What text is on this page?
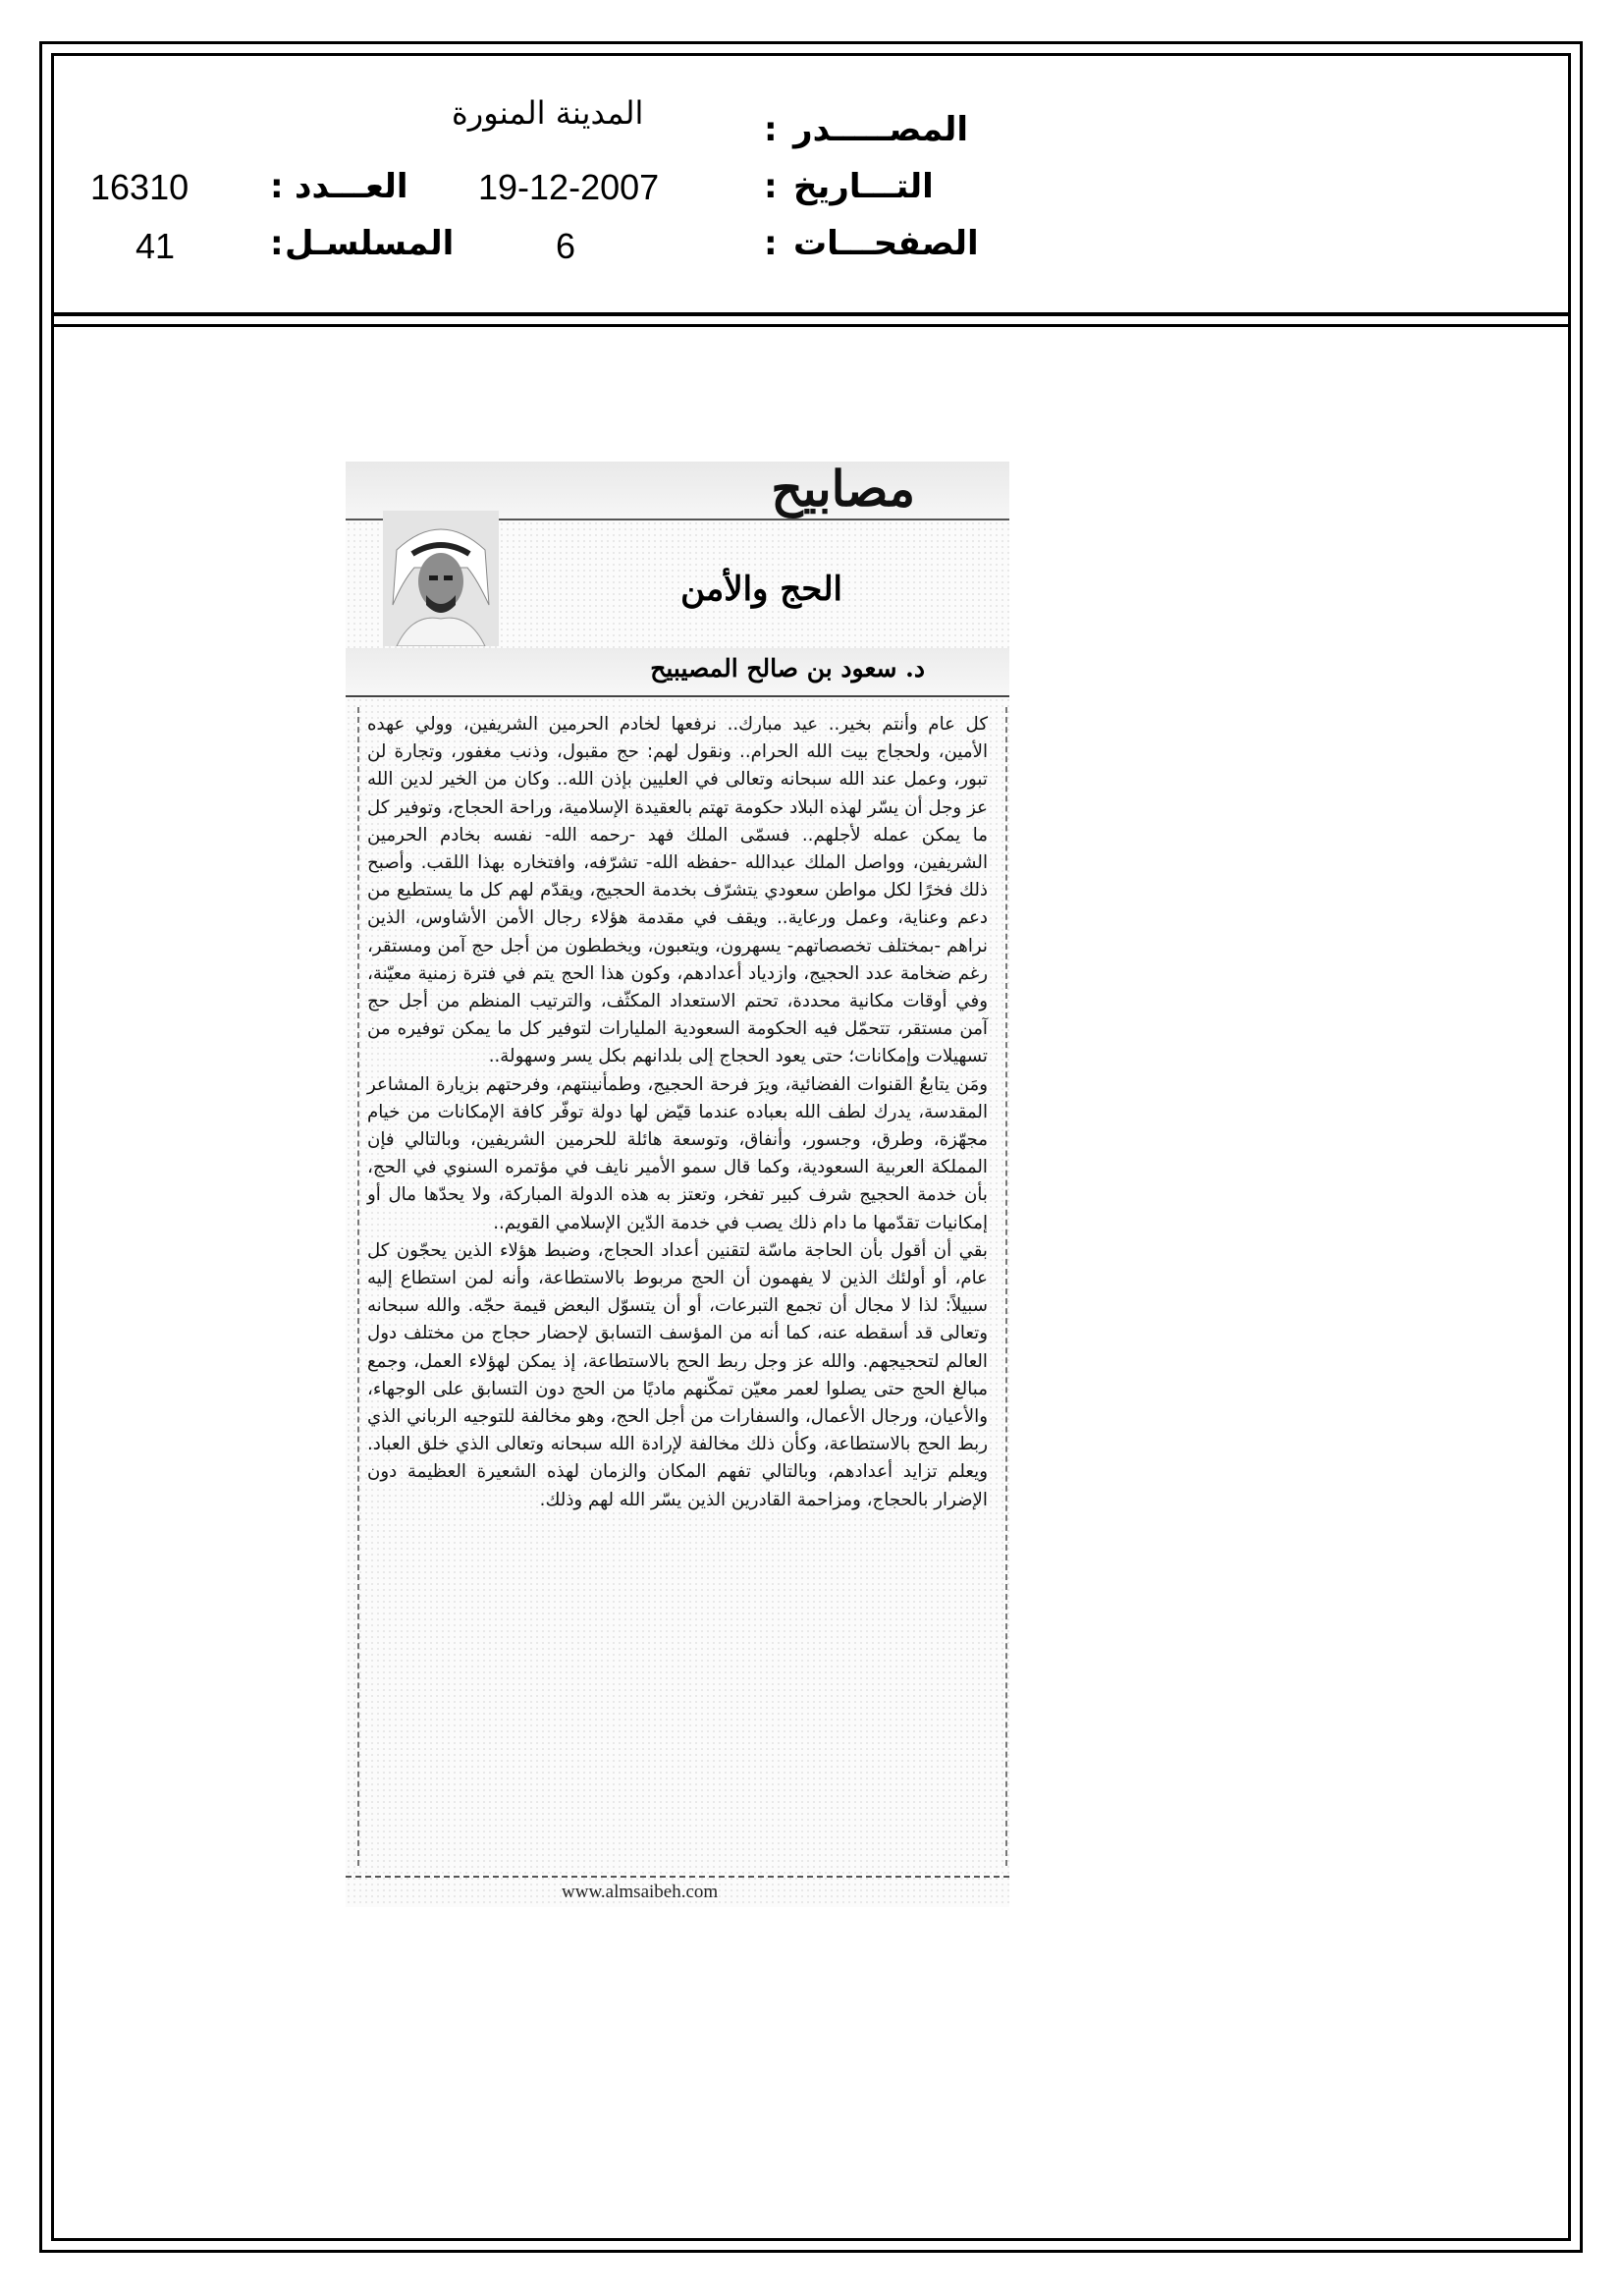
المصـــــدر
:
المدينة المنورة
التـــاريخ
:
19-12-2007
العـــدد
:
16310
الصفحـــات
:
6
المسلسـل
:
41
مصابيح
الحج والأمن
د. سعود بن صالح المصيبيح

كل عام وأنتم بخير.. عيد مبارك.. نرفعها لخادم الحرمين الشريفين، وولي عهده الأمين، ولحجاج بيت الله الحرام.. ونقول لهم: حج مقبول، وذنب مغفور، وتجارة لن تبور، وعمل عند الله سبحانه وتعالى في العليين بإذن الله.. وكان من الخير لدين الله عز وجل أن يسّر لهذه البلاد حكومة تهتم بالعقيدة الإسلامية، وراحة الحجاج، وتوفير كل ما يمكن عمله لأجلهم.. فسمّى الملك فهد -رحمه الله- نفسه بخادم الحرمين الشريفين، وواصل الملك عبدالله -حفظه الله- تشرّفه، وافتخاره بهذا اللقب. وأصبح ذلك فخرًا لكل مواطن سعودي يتشرّف بخدمة الحجيج، ويقدّم لهم كل ما يستطيع من دعم وعناية، وعمل ورعاية.. ويقف في مقدمة هؤلاء رجال الأمن الأشاوس، الذين نراهم -بمختلف تخصصاتهم- يسهرون، ويتعبون، ويخططون من أجل حج آمن ومستقر، رغم ضخامة عدد الحجيج، وازدياد أعدادهم، وكون هذا الحج يتم في فترة زمنية معيّنة، وفي أوقات مكانية محددة، تحتم الاستعداد المكثّف، والترتيب المنظم من أجل حج آمن مستقر، تتحمّل فيه الحكومة السعودية المليارات لتوفير كل ما يمكن توفيره من تسهيلات وإمكانات؛ حتى يعود الحجاج إلى بلدانهم بكل يسر وسهولة..

ومَن يتابعُ القنوات الفضائية، ويرَ فرحة الحجيج، وطمأنينتهم، وفرحتهم بزيارة المشاعر المقدسة، يدرك لطف الله بعباده عندما قيّض لها دولة توفّر كافة الإمكانات من خيام مجهّزة، وطرق، وجسور، وأنفاق، وتوسعة هائلة للحرمين الشريفين، وبالتالي فإن المملكة العربية السعودية، وكما قال سمو الأمير نايف في مؤتمره السنوي في الحج، بأن خدمة الحجيج شرف كبير تفخر، وتعتز به هذه الدولة المباركة، ولا يحدّها مال أو إمكانيات تقدّمها ما دام ذلك يصب في خدمة الدّين الإسلامي القويم..

بقي أن أقول بأن الحاجة ماسّة لتقنين أعداد الحجاج، وضبط هؤلاء الذين يحجّون كل عام، أو أولئك الذين لا يفهمون أن الحج مربوط بالاستطاعة، وأنه لمن استطاع إليه سبيلاً: لذا لا مجال أن تجمع التبرعات، أو أن يتسوّل البعض قيمة حجّه. والله سبحانه وتعالى قد أسقطه عنه، كما أنه من المؤسف التسابق لإحضار حجاج من مختلف دول العالم لتحجيجهم. والله عز وجل ربط الحج بالاستطاعة، إذ يمكن لهؤلاء العمل، وجمع مبالغ الحج حتى يصلوا لعمر معيّن تمكّنهم ماديًا من الحج دون التسابق على الوجهاء، والأعيان، ورجال الأعمال، والسفارات من أجل الحج، وهو مخالفة للتوجيه الرباني الذي ربط الحج بالاستطاعة، وكأن ذلك مخالفة لإرادة الله سبحانه وتعالى الذي خلق العباد. ويعلم تزايد أعدادهم، وبالتالي تفهم المكان والزمان لهذه الشعيرة العظيمة دون الإضرار بالحجاج، ومزاحمة القادرين الذين يسّر الله لهم وذلك.

www.almsaibeh.com
